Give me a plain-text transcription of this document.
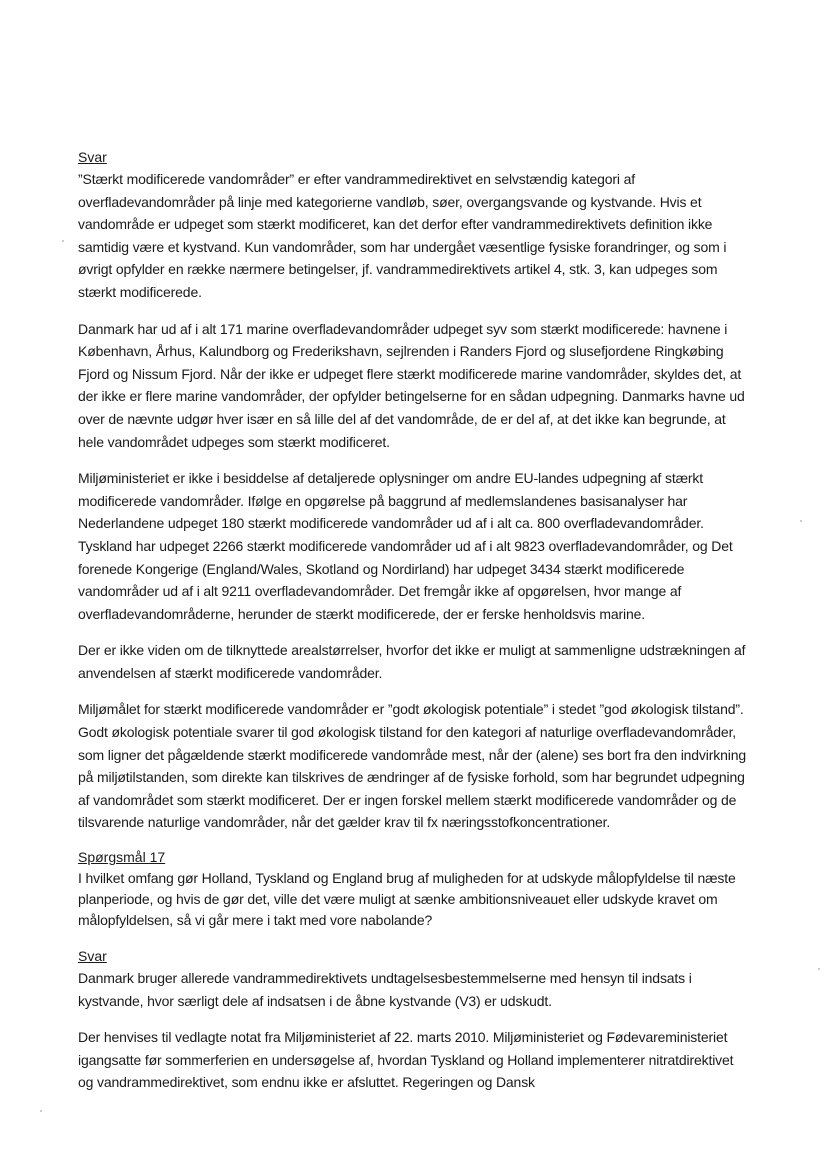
Svar

”Stærkt modificerede vandområder” er efter vandrammedirektivet en selvstændig kategori af overfladevandområder på linje med kategorierne vandløb, søer, overgangsvande og kystvande. Hvis et vandområde er udpeget som stærkt modificeret, kan det derfor efter vandrammedirektivets definition ikke samtidig være et kystvand. Kun vandområder, som har undergået væsentlige fysiske forandringer, og som i øvrigt opfylder en række nærmere betingelser, jf. vandrammedirektivets artikel 4, stk. 3, kan udpeges som stærkt modificerede.

Danmark har ud af i alt 171 marine overfladevandområder udpeget syv som stærkt modificerede: havnene i København, Århus, Kalundborg og Frederikshavn, sejlrenden i Randers Fjord og slusefjordene Ringkøbing Fjord og Nissum Fjord. Når der ikke er udpeget flere stærkt modificerede marine vandområder, skyldes det, at der ikke er flere marine vandområder, der opfylder betingelserne for en sådan udpegning. Danmarks havne ud over de nævnte udgør hver især en så lille del af det vandområde, de er del af, at det ikke kan begrunde, at hele vandområdet udpeges som stærkt modificeret.

Miljøministeriet er ikke i besiddelse af detaljerede oplysninger om andre EU-landes udpegning af stærkt modificerede vandområder. Ifølge en opgørelse på baggrund af medlemslandenes basisanalyser har Nederlandene udpeget 180 stærkt modificerede vandområder ud af i alt ca. 800 overfladevandområder. Tyskland har udpeget 2266 stærkt modificerede vandområder ud af i alt 9823 overfladevandområder, og Det forenede Kongerige (England/Wales, Skotland og Nordirland) har udpeget 3434 stærkt modificerede vandområder ud af i alt 9211 overfladevandområder. Det fremgår ikke af opgørelsen, hvor mange af overfladevandområderne, herunder de stærkt modificerede, der er ferske henholdsvis marine.

Der er ikke viden om de tilknyttede arealstørrelser, hvorfor det ikke er muligt at sammenligne udstrækningen af anvendelsen af stærkt modificerede vandområder.

Miljømålet for stærkt modificerede vandområder er ”godt økologisk potentiale” i stedet ”god økologisk tilstand”. Godt økologisk potentiale svarer til god økologisk tilstand for den kategori af naturlige overfladevandområder, som ligner det pågældende stærkt modificerede vandområde mest, når der (alene) ses bort fra den indvirkning på miljøtilstanden, som direkte kan tilskrives de ændringer af de fysiske forhold, som har begrundet udpegning af vandområdet som stærkt modificeret. Der er ingen forskel mellem stærkt modificerede vandområder og de tilsvarende naturlige vandområder, når det gælder krav til fx næringsstofkoncentrationer.

Spørgsmål 17

I hvilket omfang gør Holland, Tyskland og England brug af muligheden for at udskyde målopfyldelse til næste planperiode, og hvis de gør det, ville det være muligt at sænke ambitionsniveauet eller udskyde kravet om målopfyldelsen, så vi går mere i takt med vore nabolande?

Svar

Danmark bruger allerede vandrammedirektivets undtagelsesbestemmelserne med hensyn til indsats i kystvande, hvor særligt dele af indsatsen i de åbne kystvande (V3) er udskudt.

Der henvises til vedlagte notat fra Miljøministeriet af 22. marts 2010. Miljøministeriet og Fødevareministeriet igangsatte før sommerferien en undersøgelse af, hvordan Tyskland og Holland implementerer nitratdirektivet og vandrammedirektivet, som endnu ikke er afsluttet. Regeringen og Dansk
